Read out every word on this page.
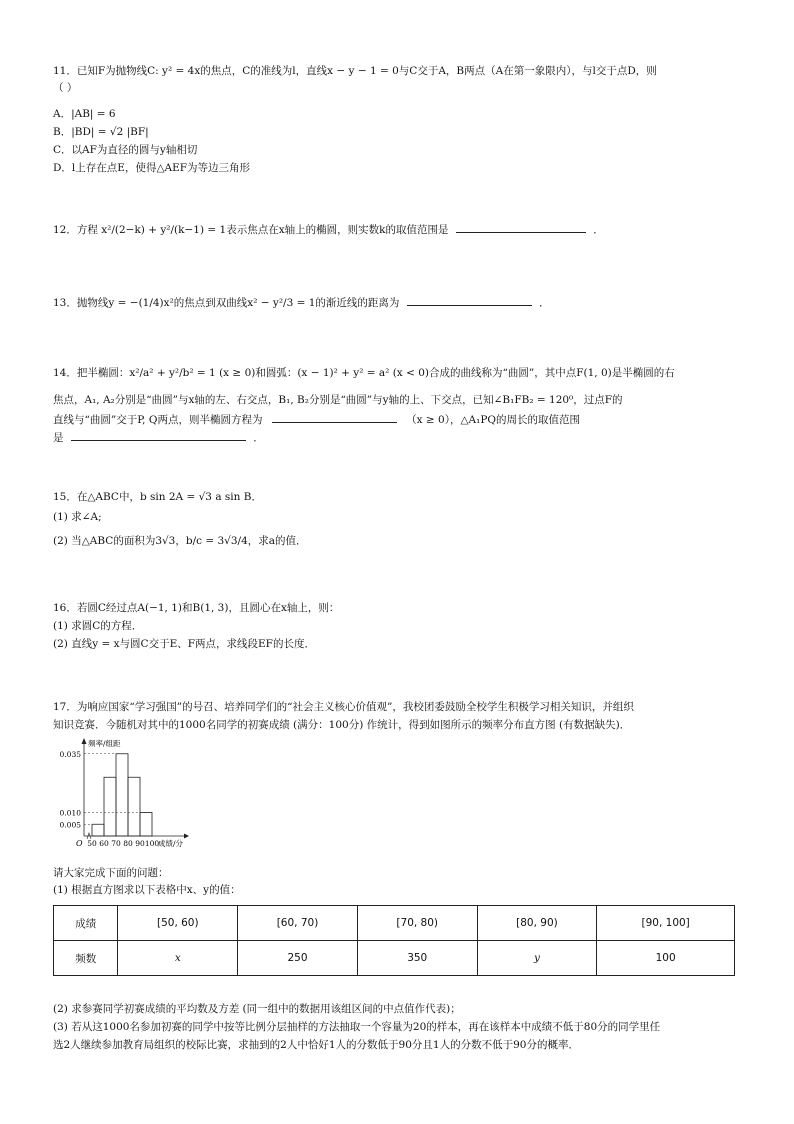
11．已知F为抛物线C: y² = 4x的焦点，C的准线为l，直线x − y − 1 = 0与C交于A，B两点（A在第一象限内），与l交于点D，则
（ ）
A．|AB| = 6
B．|BD| = √2 |BF|
C．以AF为直径的圆与y轴相切
D．l上存在点E，使得△AEF为等边三角形
12．方程 x²/(2−k) + y²/(k−1) = 1表示焦点在x轴上的椭圆，则实数k的取值范围是	．
13．抛物线y = −(1/4)x²的焦点到双曲线x² − y²/3 = 1的渐近线的距离为	．
14．把半椭圆：x²/a² + y²/b² = 1 (x ≥ 0)和圆弧：(x − 1)² + y² = a² (x < 0)合成的曲线称为“曲圆”，其中点F(1, 0)是半椭圆的右
焦点，A₁, A₂分别是“曲圆”与x轴的左、右交点，B₁, B₂分别是“曲圆”与y轴的上、下交点，已知∠B₁FB₂ = 120⁰，过点F的
直线与“曲圆”交于P, Q两点，则半椭圆方程为	（x ≥ 0），△A₁PQ的周长的取值范围
是	．
15．在△ABC中，b sin 2A = √3 a sin B．
(1) 求∠A;
(2) 当△ABC的面积为3√3，b/c = 3√3/4，求a的值．
16．若圆C经过点A(−1, 1)和B(1, 3)，且圆心在x轴上，则：
(1) 求圆C的方程．
(2) 直线y = x与圆C交于E、F两点，求线段EF的长度．
17．为响应国家“学习强国”的号召、培养同学们的“社会主义核心价值观”，我校团委鼓励全校学生积极学习相关知识，并组织
知识竞赛．今随机对其中的1000名同学的初赛成绩 (满分：100分) 作统计，得到如图所示的频率分布直方图 (有数据缺失)．
0.035
0.010
0.005
50 60 70 80 90 100
成绩/分
频率/组距
O
请大家完成下面的问题：
(1) 根据直方图求以下表格中x、y的值：
成绩	[50, 60)	[60, 70)	[70, 80)	[80, 90)	[90, 100]
频数	x	250	350	y	100
(2) 求参赛同学初赛成绩的平均数及方差 (同一组中的数据用该组区间的中点值作代表)；
(3) 若从这1000名参加初赛的同学中按等比例分层抽样的方法抽取一个容量为20的样本，再在该样本中成绩不低于80分的同学里任
选2人继续参加教育局组织的校际比赛，求抽到的2人中恰好1人的分数低于90分且1人的分数不低于90分的概率．
